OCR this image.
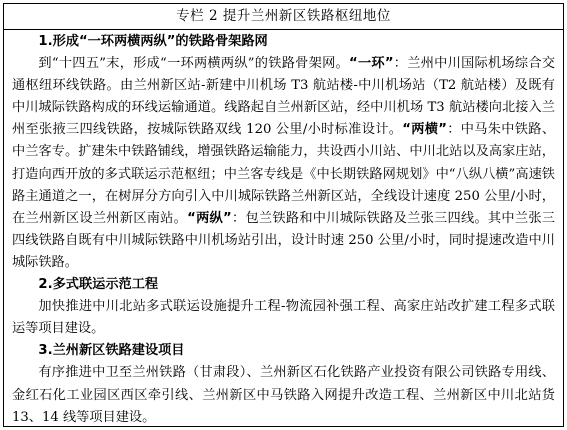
专栏 2 提升兰州新区铁路枢纽地位

1.形成“一环两横两纵”的铁路骨架路网

到“十四五”末，形成“一环两横两纵”的铁路骨架网。“一环”：兰州中川国际机场综合交通枢纽环线铁路。由兰州新区站-新建中川机场 T3 航站楼-中川机场站（T2 航站楼）及既有中川城际铁路构成的环线运输通道。线路起自兰州新区站，经中川机场 T3 航站楼向北接入兰州至张掖三四线铁路，按城际铁路双线 120 公里/小时标准设计。“两横”：中马朱中铁路、中兰客专。扩建朱中铁路铺线，增强铁路运输能力，共设西小川站、中川北站以及高家庄站，打造向西开放的多式联运示范枢纽；中兰客专线是《中长期铁路网规划》中“八纵八横”高速铁路主通道之一，在树屏分方向引入中川城际铁路兰州新区站，全线设计速度 250 公里/小时，在兰州新区设兰州新区南站。“两纵”：包兰铁路和中川城际铁路及兰张三四线。其中兰张三四线铁路自既有中川城际铁路中川机场站引出，设计时速 250 公里/小时，同时提速改造中川城际铁路。

2.多式联运示范工程

加快推进中川北站多式联运设施提升工程-物流园补强工程、高家庄站改扩建工程多式联运等项目建设。

3.兰州新区铁路建设项目

有序推进中卫至兰州铁路（甘肃段）、兰州新区石化铁路产业投资有限公司铁路专用线、金红石化工业园区西区牵引线、兰州新区中马铁路入网提升改造工程、兰州新区中川北站货 13、14 线等项目建设。
